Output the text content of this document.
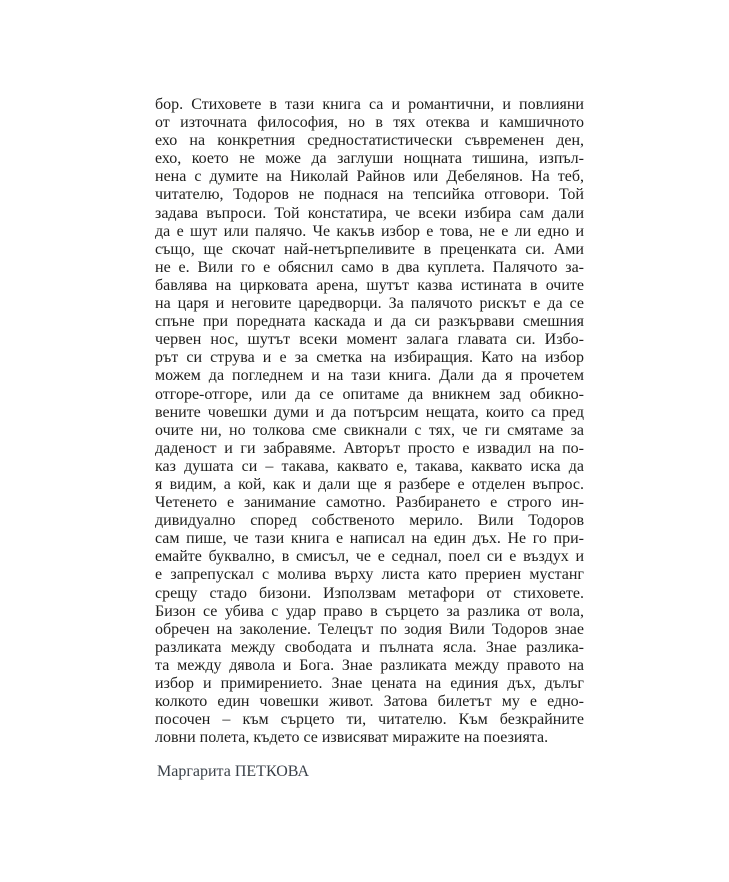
бор. Стиховете в тази книга са и романтични, и повлияни
от източната философия, но в тях отеква и камшичното
ехо на конкретния средностатистически съвременен ден,
ехо, което не може да заглуши нощната тишина, изпъл-
нена с думите на Николай Райнов или Дебелянов. На теб,
читателю, Тодоров не поднася на тепсийка отговори. Той
задава въпроси. Той констатира, че всеки избира сам дали
да е шут или палячо. Че какъв избор е това, не е ли едно и
също, ще скочат най-нетърпеливите в преценката си. Ами
не е. Вили го е обяснил само в два куплета. Палячото за-
бавлява на цирковата арена, шутът казва истината в очите
на царя и неговите царедворци. За палячото рискът е да се
спъне при поредната каскада и да си разкървави смешния
червен нос, шутът всеки момент залага главата си. Избо-
рът си струва и е за сметка на избиращия. Като на избор
можем да погледнем и на тази книга. Дали да я прочетем
отгоре-отгоре, или да се опитаме да вникнем зад обикно-
вените човешки думи и да потърсим нещата, които са пред
очите ни, но толкова сме свикнали с тях, че ги смятаме за
даденост и ги забравяме. Авторът просто е извадил на по-
каз душата си – такава, каквато е, такава, каквато иска да
я видим, а кой, как и дали ще я разбере е отделен въпрос.
Четенето е занимание самотно. Разбирането е строго ин-
дивидуално според собственото мерило. Вили Тодоров
сам пише, че тази книга е написал на един дъх. Не го при-
емайте буквално, в смисъл, че е седнал, поел си е въздух и
е запрепускал с молива върху листа като прериен мустанг
срещу стадо бизони. Използвам метафори от стиховете.
Бизон се убива с удар право в сърцето за разлика от вола,
обречен на заколение. Телецът по зодия Вили Тодоров знае
разликата между свободата и пълната ясла. Знае разлика-
та между дявола и Бога. Знае разликата между правото на
избор и примирението. Знае цената на единия дъх, дълъг
колкото един човешки живот. Затова билетът му е едно-
посочен – към сърцето ти, читателю. Към безкрайните
ловни полета, където се извисяват миражите на поезията.
Маргарита ПЕТКОВА
